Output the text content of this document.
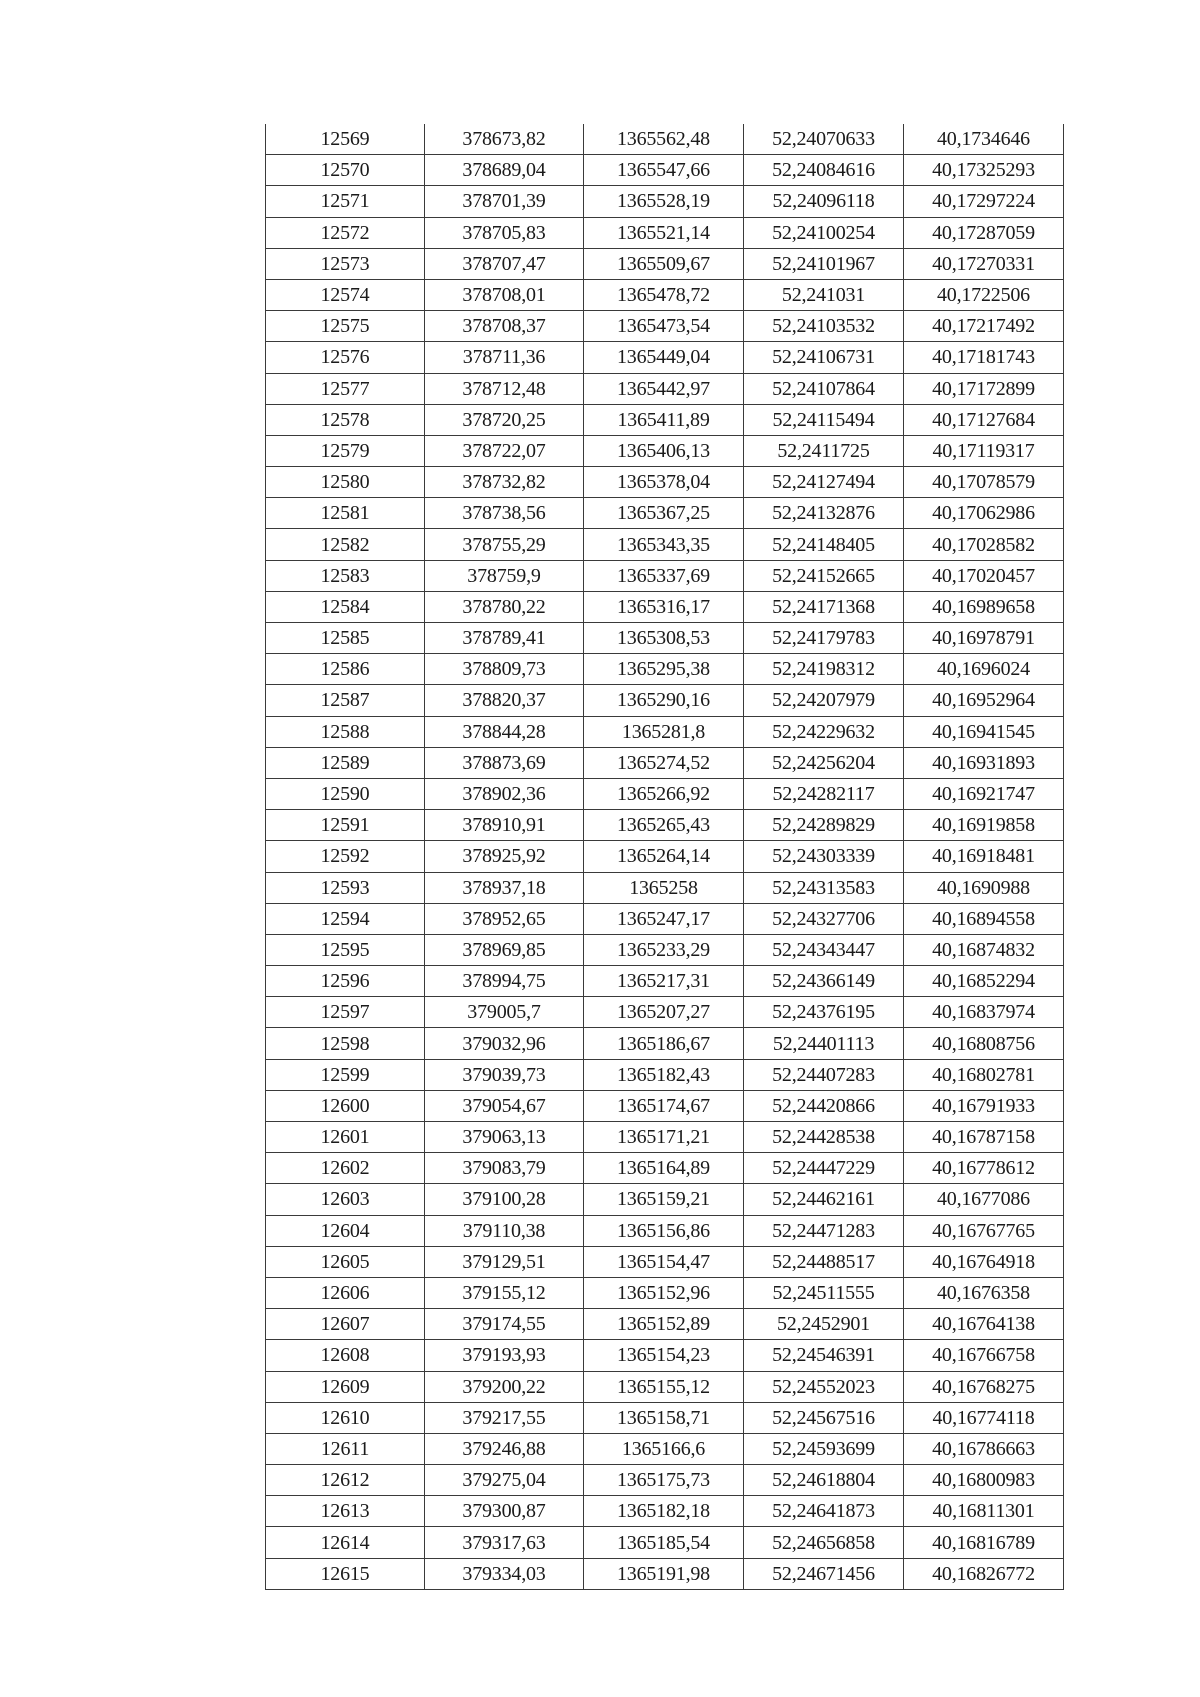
12569	378673,82	1365562,48	52,24070633	40,1734646
12570	378689,04	1365547,66	52,24084616	40,17325293
12571	378701,39	1365528,19	52,24096118	40,17297224
12572	378705,83	1365521,14	52,24100254	40,17287059
12573	378707,47	1365509,67	52,24101967	40,17270331
12574	378708,01	1365478,72	52,241031	40,1722506
12575	378708,37	1365473,54	52,24103532	40,17217492
12576	378711,36	1365449,04	52,24106731	40,17181743
12577	378712,48	1365442,97	52,24107864	40,17172899
12578	378720,25	1365411,89	52,24115494	40,17127684
12579	378722,07	1365406,13	52,2411725	40,17119317
12580	378732,82	1365378,04	52,24127494	40,17078579
12581	378738,56	1365367,25	52,24132876	40,17062986
12582	378755,29	1365343,35	52,24148405	40,17028582
12583	378759,9	1365337,69	52,24152665	40,17020457
12584	378780,22	1365316,17	52,24171368	40,16989658
12585	378789,41	1365308,53	52,24179783	40,16978791
12586	378809,73	1365295,38	52,24198312	40,1696024
12587	378820,37	1365290,16	52,24207979	40,16952964
12588	378844,28	1365281,8	52,24229632	40,16941545
12589	378873,69	1365274,52	52,24256204	40,16931893
12590	378902,36	1365266,92	52,24282117	40,16921747
12591	378910,91	1365265,43	52,24289829	40,16919858
12592	378925,92	1365264,14	52,24303339	40,16918481
12593	378937,18	1365258	52,24313583	40,1690988
12594	378952,65	1365247,17	52,24327706	40,16894558
12595	378969,85	1365233,29	52,24343447	40,16874832
12596	378994,75	1365217,31	52,24366149	40,16852294
12597	379005,7	1365207,27	52,24376195	40,16837974
12598	379032,96	1365186,67	52,24401113	40,16808756
12599	379039,73	1365182,43	52,24407283	40,16802781
12600	379054,67	1365174,67	52,24420866	40,16791933
12601	379063,13	1365171,21	52,24428538	40,16787158
12602	379083,79	1365164,89	52,24447229	40,16778612
12603	379100,28	1365159,21	52,24462161	40,1677086
12604	379110,38	1365156,86	52,24471283	40,16767765
12605	379129,51	1365154,47	52,24488517	40,16764918
12606	379155,12	1365152,96	52,24511555	40,1676358
12607	379174,55	1365152,89	52,2452901	40,16764138
12608	379193,93	1365154,23	52,24546391	40,16766758
12609	379200,22	1365155,12	52,24552023	40,16768275
12610	379217,55	1365158,71	52,24567516	40,16774118
12611	379246,88	1365166,6	52,24593699	40,16786663
12612	379275,04	1365175,73	52,24618804	40,16800983
12613	379300,87	1365182,18	52,24641873	40,16811301
12614	379317,63	1365185,54	52,24656858	40,16816789
12615	379334,03	1365191,98	52,24671456	40,16826772
